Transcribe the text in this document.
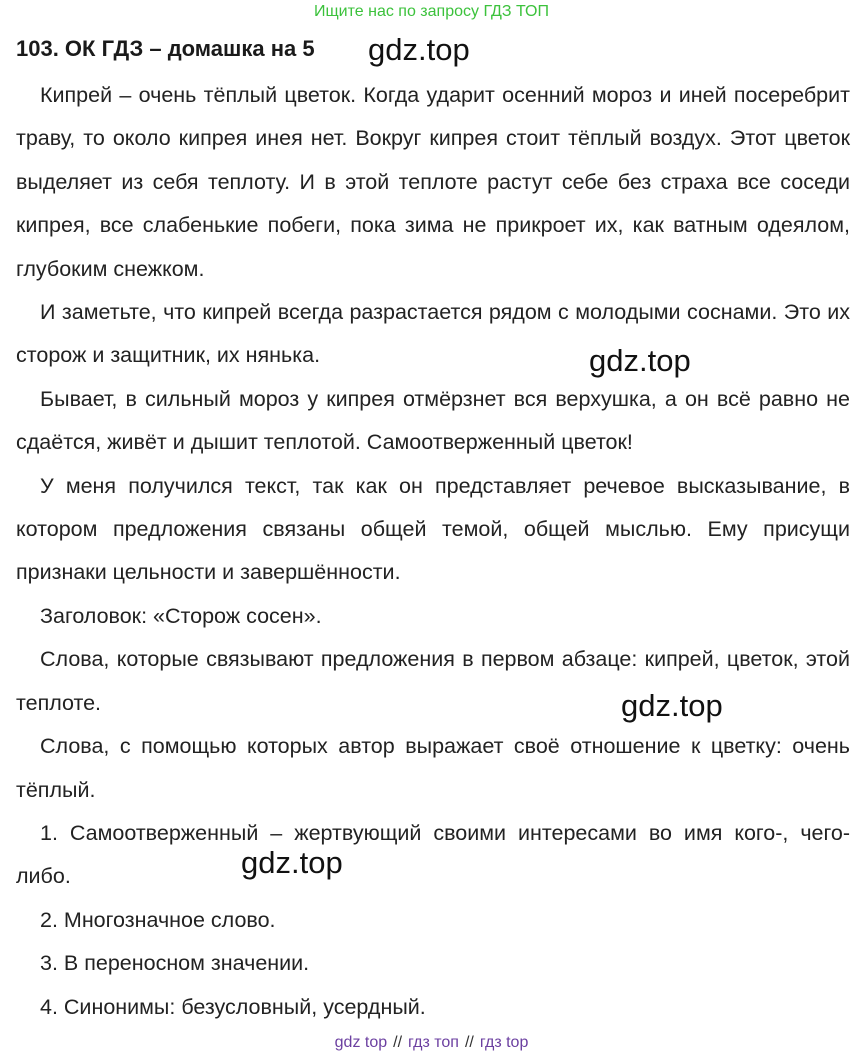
Ищите нас по запросу ГДЗ ТОП
103. ОК ГДЗ – домашка на 5 gdz.top
gdz.top
gdz.top
gdz.top

Кипрей – очень тёплый цветок. Когда ударит осенний мороз и иней посеребрит траву, то около кипрея инея нет. Вокруг кипрея стоит тёплый воздух. Этот цветок выделяет из себя теплоту. И в этой теплоте растут себе без страха все соседи кипрея, все слабенькие побеги, пока зима не прикроет их, как ватным одеялом, глубоким снежком.

И заметьте, что кипрей всегда разрастается рядом с молодыми соснами. Это их сторож и защитник, их нянька.

Бывает, в сильный мороз у кипрея отмёрзнет вся верхушка, а он всё равно не сдаётся, живёт и дышит теплотой. Самоотверженный цветок!

У меня получился текст, так как он представляет речевое высказывание, в котором предложения связаны общей темой, общей мыслью. Ему присущи признаки цельности и завершённости.

Заголовок: «Сторож сосен».

Слова, которые связывают предложения в первом абзаце: кипрей, цветок, этой теплоте.

Слова, с помощью которых автор выражает своё отношение к цветку: очень тёплый.

1. Самоотверженный – жертвующий своими интересами во имя кого-, чего-либо.

2. Многозначное слово.

3. В переносном значении.

4. Синонимы: безусловный, усердный.

gdz top // гдз топ // гдз top
